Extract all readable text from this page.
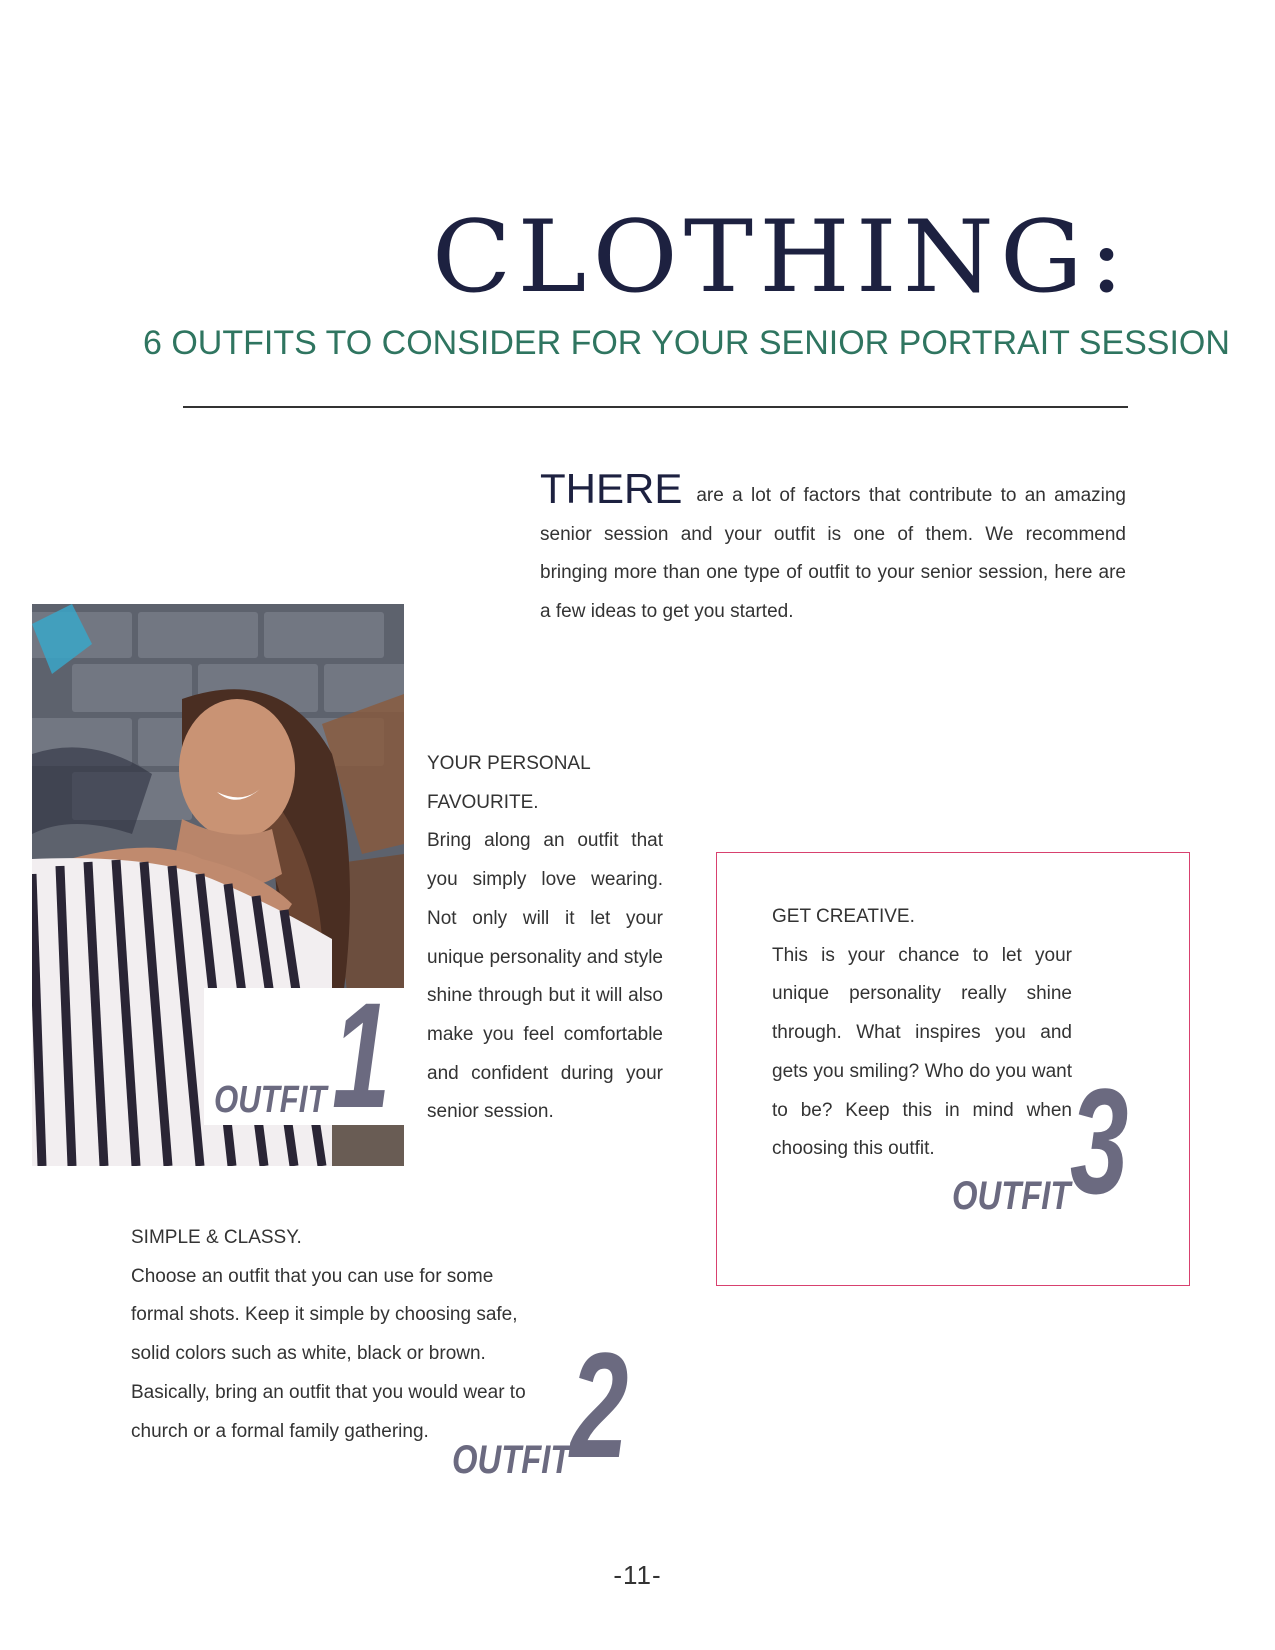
CLOTHING:
6 OUTFITS TO CONSIDER FOR YOUR SENIOR PORTRAIT SESSION
THERE are a lot of factors that contribute to an amazing senior session and your outfit is one of them. We recommend bringing more than one type of outfit to your senior session, here are a few ideas to get you started.
OUTFIT 1

YOUR PERSONAL

FAVOURITE.

Bring along an outfit that you simply love wearing. Not only will it let your unique personality and style shine through but it will also make you feel comfortable and confident during your senior session.

GET CREATIVE.

This is your chance to let your unique personality really shine through. What inspires you and gets you smiling? Who do you want to be? Keep this in mind when choosing this outfit.

OUTFIT 3

SIMPLE & CLASSY.

Choose an outfit that you can use for some

formal shots. Keep it simple by choosing safe,

solid colors such as white, black or brown.

Basically, bring an outfit that you would wear to

church or a formal family gathering.

OUTFIT 2
-11-
